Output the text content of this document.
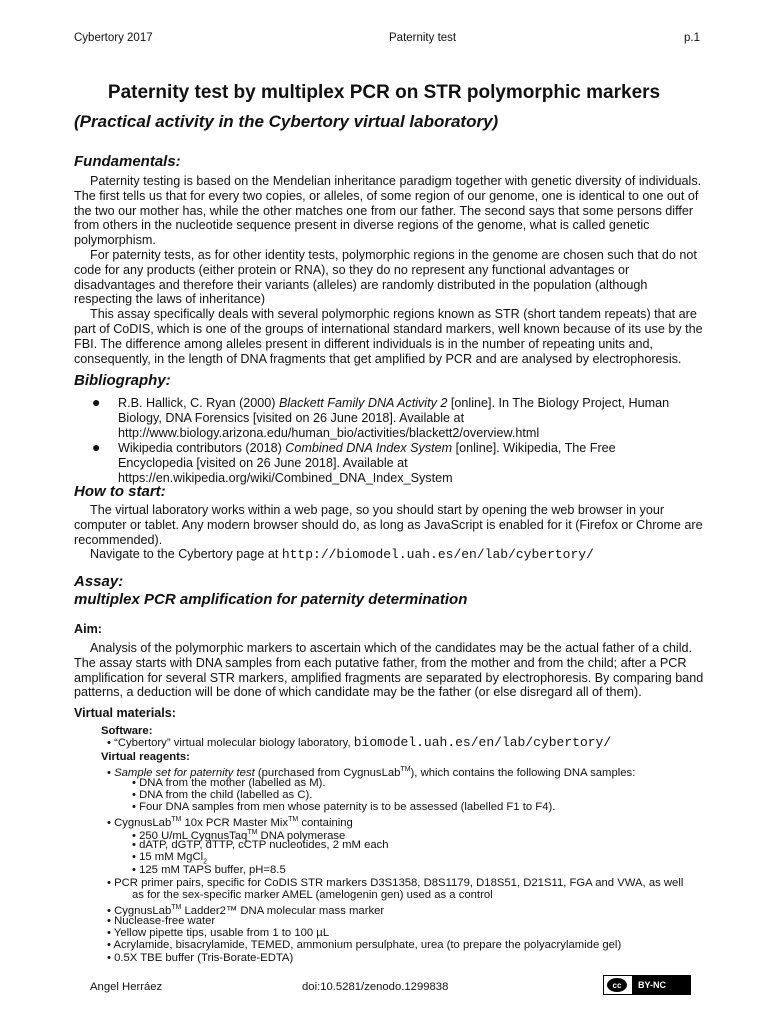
Cybertory 2017	Paternity test	p.1
Paternity test by multiplex PCR on STR polymorphic markers
(Practical activity in the Cybertory virtual laboratory)
Fundamentals:

Paternity testing is based on the Mendelian inheritance paradigm together with genetic diversity of individuals. The first tells us that for every two copies, or alleles, of some region of our genome, one is identical to one out of the two our mother has, while the other matches one from our father. The second says that some persons differ from others in the nucleotide sequence present in diverse regions of the genome, what is called genetic polymorphism.

For paternity tests, as for other identity tests, polymorphic regions in the genome are chosen such that do not code for any products (either protein or RNA), so they do no represent any functional advantages or disadvantages and therefore their variants (alleles) are randomly distributed in the population (although respecting the laws of inheritance)

This assay specifically deals with several polymorphic regions known as STR (short tandem repeats) that are part of CoDIS, which is one of the groups of international standard markers, well known because of its use by the FBI. The difference among alleles present in different individuals is in the number of repeating units and, consequently, in the length of DNA fragments that get amplified by PCR and are analysed by electrophoresis.

Bibliography:
● R.B. Hallick, C. Ryan (2000) Blackett Family DNA Activity 2 [online]. In The Biology Project, Human Biology, DNA Forensics [visited on 26 June 2018]. Available at http://www.biology.arizona.edu/human_bio/activities/blackett2/overview.html
● Wikipedia contributors (2018) Combined DNA Index System [online]. Wikipedia, The Free Encyclopedia [visited on 26 June 2018]. Available at https://en.wikipedia.org/wiki/Combined_DNA_Index_System
How to start:

The virtual laboratory works within a web page, so you should start by opening the web browser in your computer or tablet. Any modern browser should do, as long as JavaScript is enabled for it (Firefox or Chrome are recommended).

Navigate to the Cybertory page at http://biomodel.uah.es/en/lab/cybertory/

Assay:
multiplex PCR amplification for paternity determination
Aim:

Analysis of the polymorphic markers to ascertain which of the candidates may be the actual father of a child. The assay starts with DNA samples from each putative father, from the mother and from the child; after a PCR amplification for several STR markers, amplified fragments are separated by electrophoresis. By comparing band patterns, a deduction will be done of which candidate may be the father (or else disregard all of them).

Virtual materials:
Software:
• “Cybertory” virtual molecular biology laboratory, biomodel.uah.es/en/lab/cybertory/
Virtual reagents:
• Sample set for paternity test (purchased from CygnusLab™), which contains the following DNA samples:
• DNA from the mother (labelled as M).
• DNA from the child (labelled as C).
• Four DNA samples from men whose paternity is to be assessed (labelled F1 to F4).
• CygnusLab™ 10x PCR Master Mix™ containing
• 250 U/mL CygnusTaq™ DNA polymerase
• dATP, dGTP, dTTP, cCTP nucleotides, 2 mM each
• 15 mM MgCl$_2$
• 125 mM TAPS buffer, pH=8.5
• PCR primer pairs, specific for CoDIS STR markers D3S1358, D8S1179, D18S51, D21S11, FGA and VWA, as well
as for the sex-specific marker AMEL (amelogenin gen) used as a control
• CygnusLab™ Ladder2™ DNA molecular mass marker
• Nuclease-free water
• Yellow pipette tips, usable from 1 to 100 µL
• Acrylamide, bisacrylamide, TEMED, ammonium persulphate, urea (to prepare the polyacrylamide gel)
• 0.5X TBE buffer (Tris-Borate-EDTA)
Angel Herráez	doi:10.5281/zenodo.1299838	cc	BY-NC
